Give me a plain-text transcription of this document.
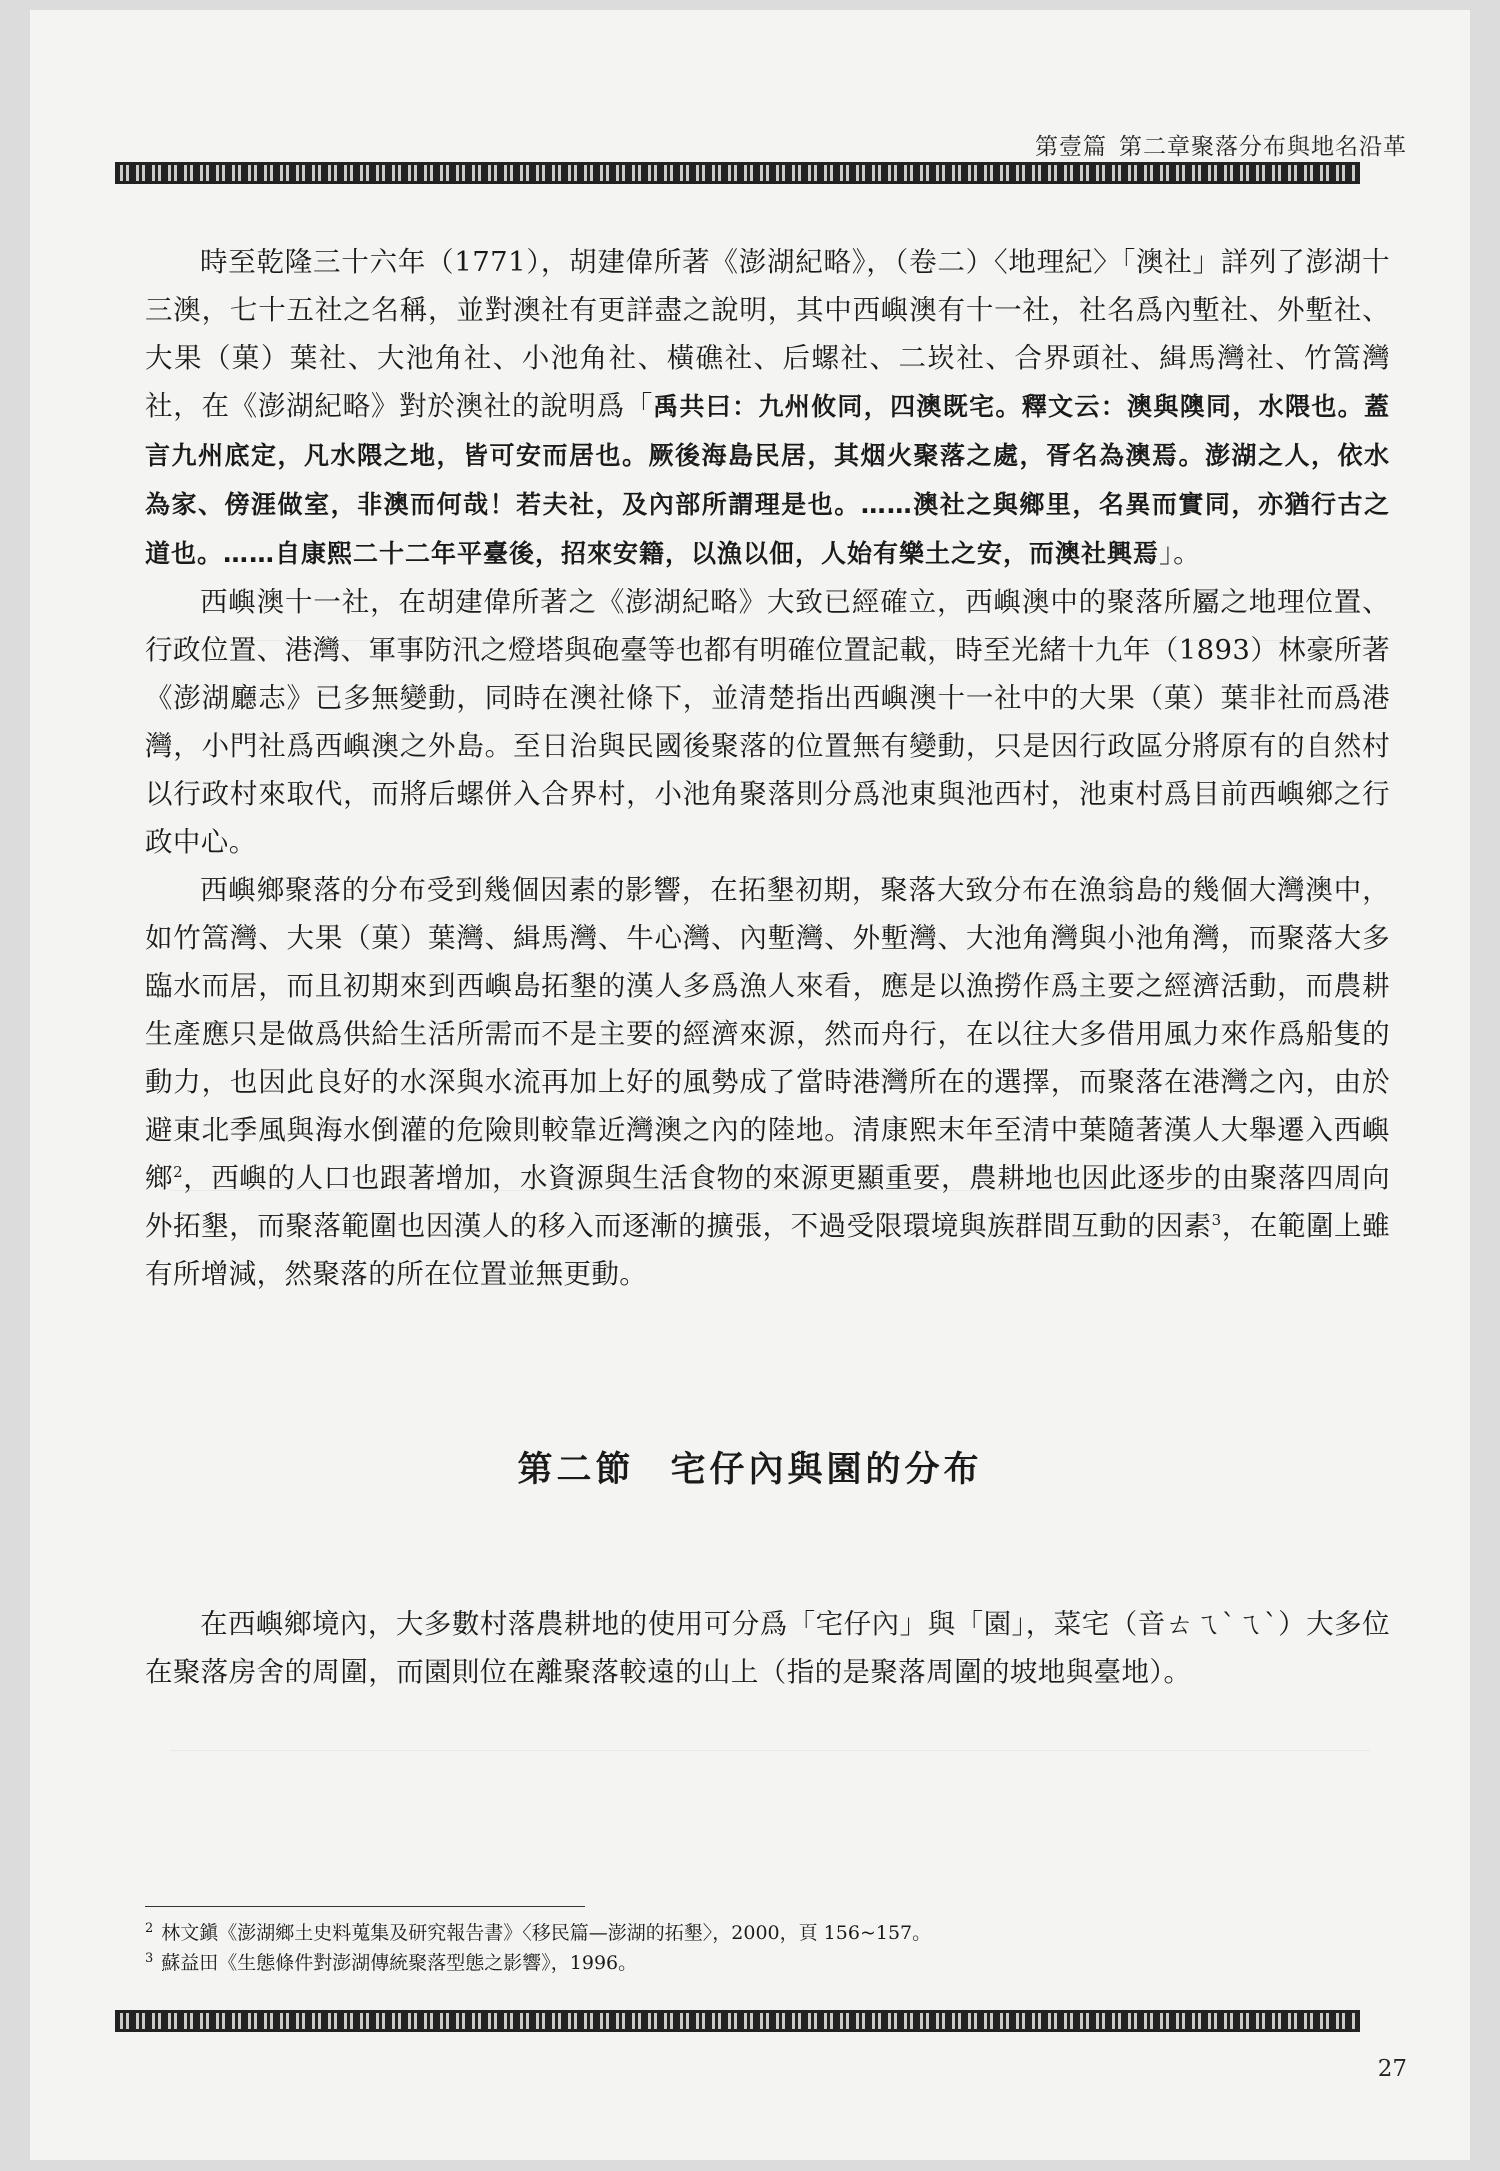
第壹篇 第二章聚落分布與地名沿革

時至乾隆三十六年（1771），胡建偉所著《澎湖紀略》，（卷二）〈地理紀〉「澳社」詳列了澎湖十三澳，七十五社之名稱，並對澳社有更詳盡之說明，其中西嶼澳有十一社，社名爲內塹社、外塹社、大果（菓）葉社、大池角社、小池角社、橫礁社、后螺社、二崁社、合界頭社、緝馬灣社、竹篙灣社，在《澎湖紀略》對於澳社的說明爲「禹共曰：九州攸同，四澳既宅。釋文云：澳與隩同，水隈也。蓋言九州底定，凡水隈之地，皆可安而居也。厥後海島民居，其烟火聚落之處，胥名為澳焉。澎湖之人，依水為家、傍涯做室，非澳而何哉！若夫社，及內部所謂理是也。……澳社之與鄉里，名異而實同，亦猶行古之道也。……自康熙二十二年平臺後，招來安籍，以漁以佃，人始有樂土之安，而澳社興焉」。

西嶼澳十一社，在胡建偉所著之《澎湖紀略》大致已經確立，西嶼澳中的聚落所屬之地理位置、行政位置、港灣、軍事防汛之燈塔與砲臺等也都有明確位置記載，時至光緒十九年（1893）林豪所著《澎湖廳志》已多無變動，同時在澳社條下，並清楚指出西嶼澳十一社中的大果（菓）葉非社而爲港灣，小門社爲西嶼澳之外島。至日治與民國後聚落的位置無有變動，只是因行政區分將原有的自然村以行政村來取代，而將后螺併入合界村，小池角聚落則分爲池東與池西村，池東村爲目前西嶼鄉之行政中心。

西嶼鄉聚落的分布受到幾個因素的影響，在拓墾初期，聚落大致分布在漁翁島的幾個大灣澳中，如竹篙灣、大果（菓）葉灣、緝馬灣、牛心灣、內塹灣、外塹灣、大池角灣與小池角灣，而聚落大多臨水而居，而且初期來到西嶼島拓墾的漢人多爲漁人來看，應是以漁撈作爲主要之經濟活動，而農耕生產應只是做爲供給生活所需而不是主要的經濟來源，然而舟行，在以往大多借用風力來作爲船隻的動力，也因此良好的水深與水流再加上好的風勢成了當時港灣所在的選擇，而聚落在港灣之內，由於避東北季風與海水倒灌的危險則較靠近灣澳之內的陸地。清康熙末年至清中葉隨著漢人大舉遷入西嶼鄉$^2$，西嶼的人口也跟著增加，水資源與生活食物的來源更顯重要，農耕地也因此逐步的由聚落四周向外拓墾，而聚落範圍也因漢人的移入而逐漸的擴張，不過受限環境與族群間互動的因素$^3$，在範圍上雖有所增減，然聚落的所在位置並無更動。

第二節 宅仔內與園的分布

在西嶼鄉境內，大多數村落農耕地的使用可分爲「宅仔內」與「園」，菜宅（音ㄊㄟˋㄟˋ）大多位在聚落房舍的周圍，而園則位在離聚落較遠的山上（指的是聚落周圍的坡地與臺地）。

$^2$ 林文鎭《澎湖鄉土史料蒐集及研究報告書》〈移民篇—澎湖的拓墾〉，2000，頁 156~157。
$^3$ 蘇益田《生態條件對澎湖傳統聚落型態之影響》，1996。
27
